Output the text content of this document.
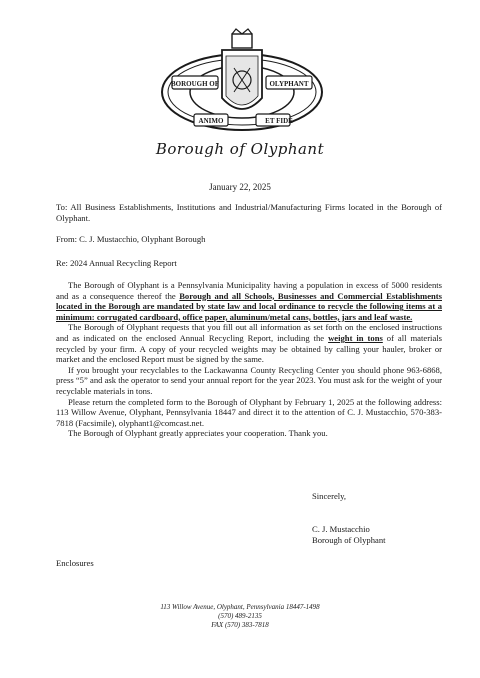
BOROUGH OF	OLYPHANT
ANIMO	ET FIDE
Borough of Olyphant
January 22, 2025

To: All Business Establishments, Institutions and Industrial/Manufacturing Firms located in the Borough of Olyphant.

From: C. J. Mustacchio, Olyphant Borough
Re: 2024 Annual Recycling Report

The Borough of Olyphant is a Pennsylvania Municipality having a population in excess of 5000 residents and as a consequence thereof the Borough and all Schools, Businesses and Commercial Establishments located in the Borough are mandated by state law and local ordinance to recycle the following items at a minimum: corrugated cardboard, office paper, aluminum/metal cans, bottles, jars and leaf waste.

The Borough of Olyphant requests that you fill out all information as set forth on the enclosed instructions and as indicated on the enclosed Annual Recycling Report, including the weight in tons of all materials recycled by your firm. A copy of your recycled weights may be obtained by calling your hauler, broker or market and the enclosed Report must be signed by the same.

If you brought your recyclables to the Lackawanna County Recycling Center you should phone 963-6868, press “5” and ask the operator to send your annual report for the year 2023. You must ask for the weight of your recyclable materials in tons.

Please return the completed form to the Borough of Olyphant by February 1, 2025 at the following address: 113 Willow Avenue, Olyphant, Pennsylvania 18447 and direct it to the attention of C. J. Mustacchio, 570-383-7818 (Facsimile), olyphant1@comcast.net.

The Borough of Olyphant greatly appreciates your cooperation. Thank you.

Sincerely,
C. J. Mustacchio
Borough of Olyphant
Enclosures
113 Willow Avenue, Olyphant, Pennsylvania 18447-1498
(570) 489-2135
FAX (570) 383-7818
